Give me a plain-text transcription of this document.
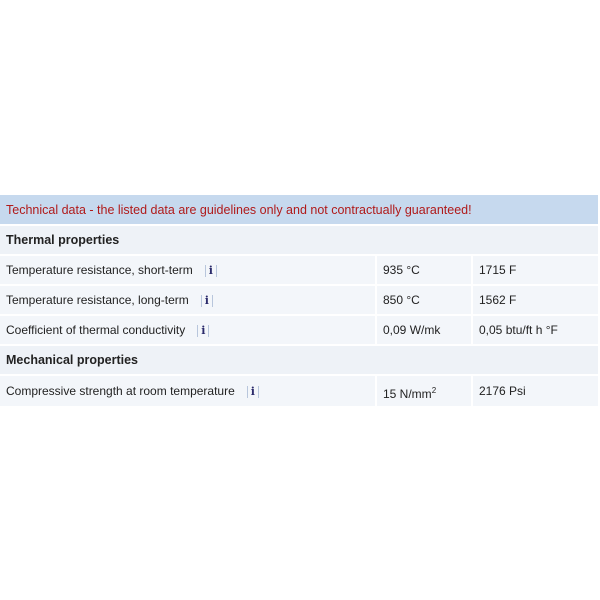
Technical data - the listed data are guidelines only and not contractually guaranteed!		
Thermal properties		
Temperature resistance, short-term i	935 °C	1715 F
Temperature resistance, long-term i	850 °C	1562 F
Coefficient of thermal conductivity i	0,09 W/mk	0,05 btu/ft h °F
Mechanical properties		
Compressive strength at room temperature i	15 $N/mm^2$	2176 Psi
